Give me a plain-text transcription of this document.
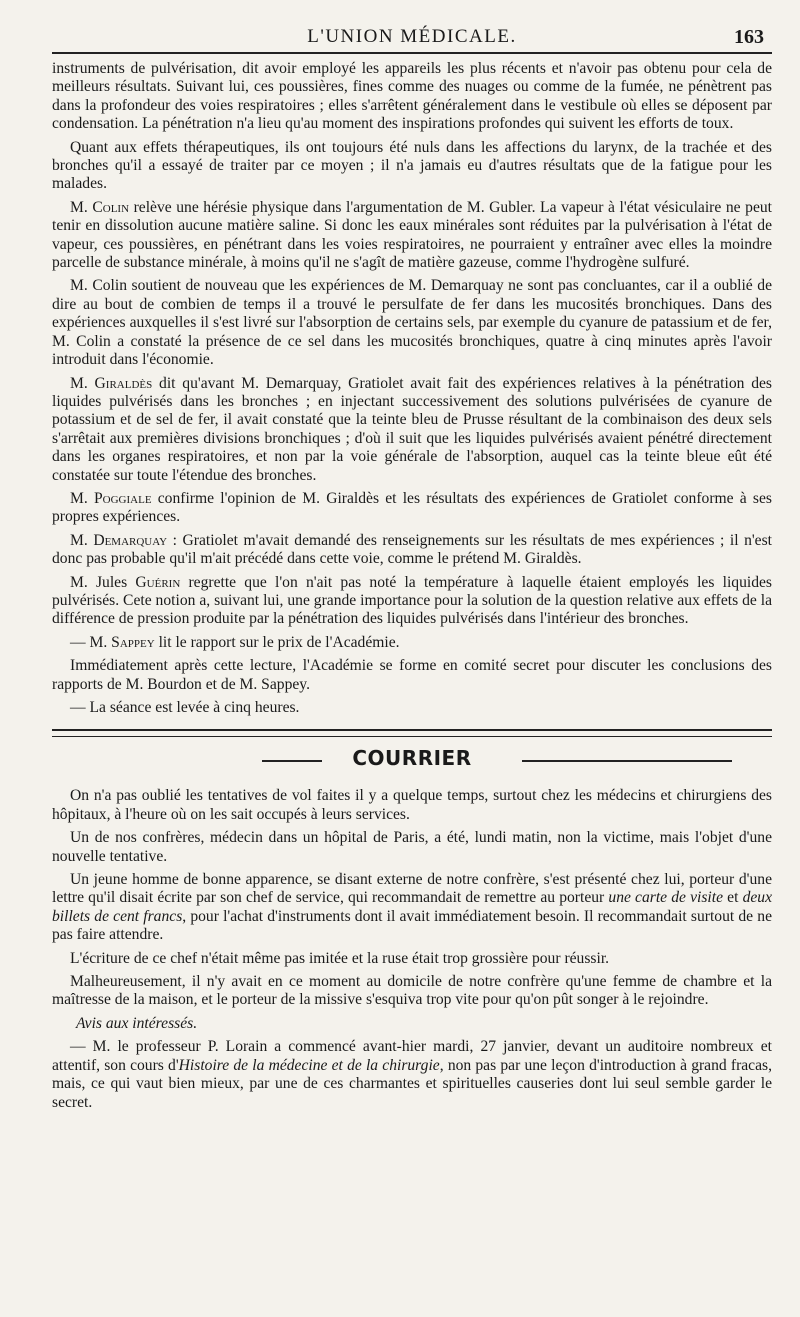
L'UNION MÉDICALE.	163

instruments de pulvérisation, dit avoir employé les appareils les plus récents et n'avoir pas obtenu pour cela de meilleurs résultats. Suivant lui, ces poussières, fines comme des nuages ou comme de la fumée, ne pénètrent pas dans la profondeur des voies respiratoires ; elles s'arrêtent généralement dans le vestibule où elles se déposent par condensation. La pénétration n'a lieu qu'au moment des inspirations profondes qui suivent les efforts de toux.

Quant aux effets thérapeutiques, ils ont toujours été nuls dans les affections du larynx, de la trachée et des bronches qu'il a essayé de traiter par ce moyen ; il n'a jamais eu d'autres résultats que de la fatigue pour les malades.

M. Colin relève une hérésie physique dans l'argumentation de M. Gubler. La vapeur à l'état vésiculaire ne peut tenir en dissolution aucune matière saline. Si donc les eaux minérales sont réduites par la pulvérisation à l'état de vapeur, ces poussières, en pénétrant dans les voies respiratoires, ne pourraient y entraîner avec elles la moindre parcelle de substance minérale, à moins qu'il ne s'agît de matière gazeuse, comme l'hydrogène sulfuré.

M. Colin soutient de nouveau que les expériences de M. Demarquay ne sont pas concluantes, car il a oublié de dire au bout de combien de temps il a trouvé le persulfate de fer dans les mucosités bronchiques. Dans des expériences auxquelles il s'est livré sur l'absorption de certains sels, par exemple du cyanure de patassium et de fer, M. Colin a constaté la présence de ce sel dans les mucosités bronchiques, quatre à cinq minutes après l'avoir introduit dans l'économie.

M. Giraldès dit qu'avant M. Demarquay, Gratiolet avait fait des expériences relatives à la pénétration des liquides pulvérisés dans les bronches ; en injectant successivement des solutions pulvérisées de cyanure de potassium et de sel de fer, il avait constaté que la teinte bleu de Prusse résultant de la combinaison des deux sels s'arrêtait aux premières divisions bronchiques ; d'où il suit que les liquides pulvérisés avaient pénétré directement dans les organes respiratoires, et non par la voie générale de l'absorption, auquel cas la teinte bleue eût été constatée sur toute l'étendue des bronches.

M. Poggiale confirme l'opinion de M. Giraldès et les résultats des expériences de Gratiolet conforme à ses propres expériences.

M. Demarquay : Gratiolet m'avait demandé des renseignements sur les résultats de mes expériences ; il n'est donc pas probable qu'il m'ait précédé dans cette voie, comme le prétend M. Giraldès.

M. Jules Guérin regrette que l'on n'ait pas noté la température à laquelle étaient employés les liquides pulvérisés. Cete notion a, suivant lui, une grande importance pour la solution de la question relative aux effets de la différence de pression produite par la pénétration des liquides pulvérisés dans l'intérieur des bronches.

— M. Sappey lit le rapport sur le prix de l'Académie.

Immédiatement après cette lecture, l'Académie se forme en comité secret pour discuter les conclusions des rapports de M. Bourdon et de M. Sappey.

— La séance est levée à cinq heures.

COURRIER

On n'a pas oublié les tentatives de vol faites il y a quelque temps, surtout chez les médecins et chirurgiens des hôpitaux, à l'heure où on les sait occupés à leurs services.

Un de nos confrères, médecin dans un hôpital de Paris, a été, lundi matin, non la victime, mais l'objet d'une nouvelle tentative.

Un jeune homme de bonne apparence, se disant externe de notre confrère, s'est présenté chez lui, porteur d'une lettre qu'il disait écrite par son chef de service, qui recommandait de remettre au porteur une carte de visite et deux billets de cent francs, pour l'achat d'instruments dont il avait immédiatement besoin. Il recommandait surtout de ne pas faire attendre.

L'écriture de ce chef n'était même pas imitée et la ruse était trop grossière pour réussir.

Malheureusement, il n'y avait en ce moment au domicile de notre confrère qu'une femme de chambre et la maîtresse de la maison, et le porteur de la missive s'esquiva trop vite pour qu'on pût songer à le rejoindre.

Avis aux intéressés.

— M. le professeur P. Lorain a commencé avant-hier mardi, 27 janvier, devant un auditoire nombreux et attentif, son cours d'Histoire de la médecine et de la chirurgie, non pas par une leçon d'introduction à grand fracas, mais, ce qui vaut bien mieux, par une de ces charmantes et spirituelles causeries dont lui seul semble garder le secret.
